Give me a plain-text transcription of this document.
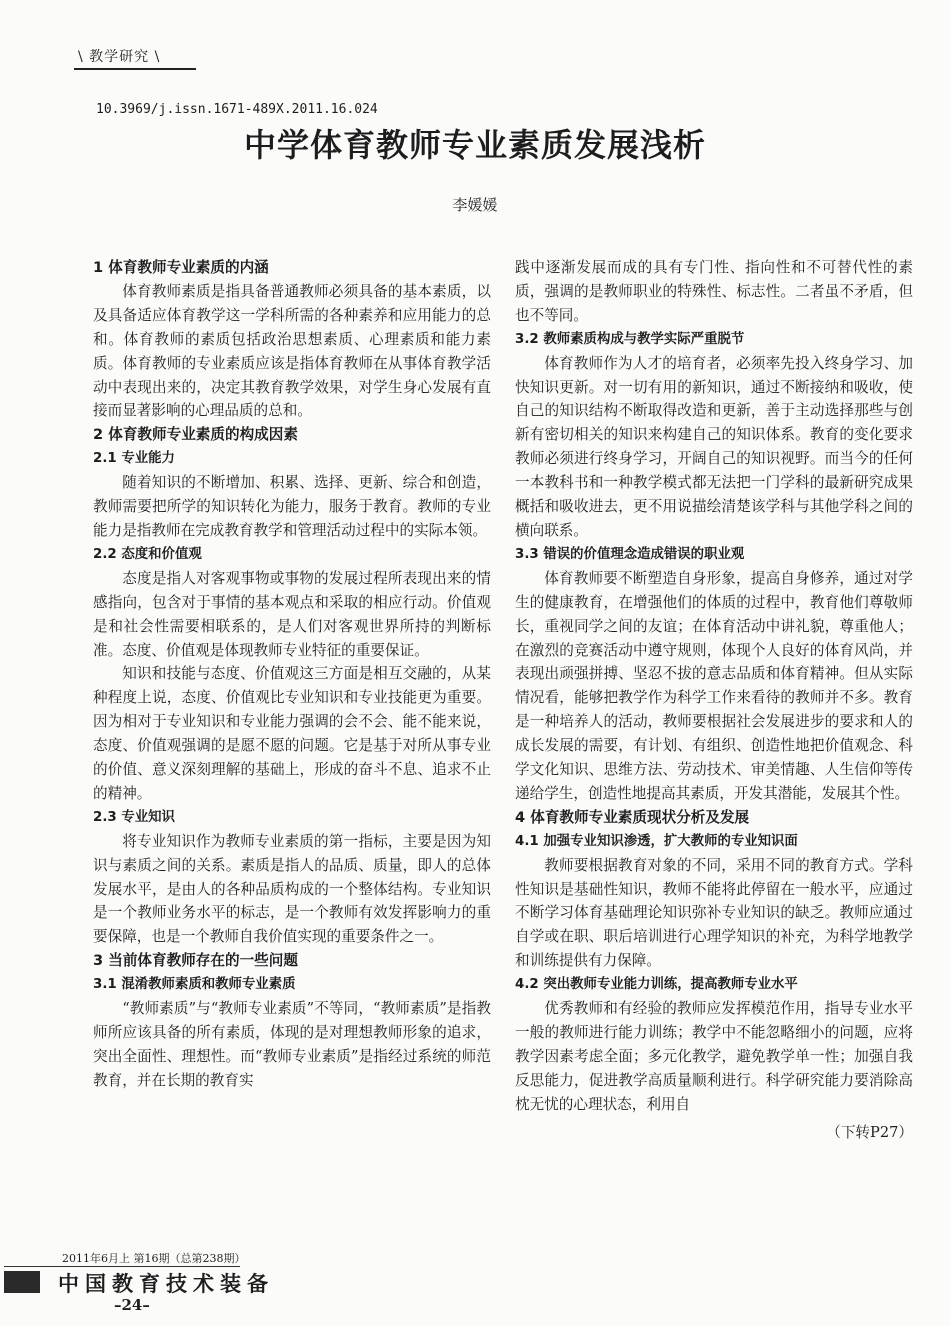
\ 教学研究 \
10.3969/j.issn.1671-489X.2011.16.024
中学体育教师专业素质发展浅析
李媛媛
1 体育教师专业素质的内涵

体育教师素质是指具备普通教师必须具备的基本素质，以及具备适应体育教学这一学科所需的各种素养和应用能力的总和。体育教师的素质包括政治思想素质、心理素质和能力素质。体育教师的专业素质应该是指体育教师在从事体育教学活动中表现出来的，决定其教育教学效果，对学生身心发展有直接而显著影响的心理品质的总和。

2 体育教师专业素质的构成因素
2.1 专业能力

随着知识的不断增加、积累、选择、更新、综合和创造，教师需要把所学的知识转化为能力，服务于教育。教师的专业能力是指教师在完成教育教学和管理活动过程中的实际本领。

2.2 态度和价值观

态度是指人对客观事物或事物的发展过程所表现出来的情感指向，包含对于事情的基本观点和采取的相应行动。价值观是和社会性需要相联系的，是人们对客观世界所持的判断标准。态度、价值观是体现教师专业特征的重要保证。

知识和技能与态度、价值观这三方面是相互交融的，从某种程度上说，态度、价值观比专业知识和专业技能更为重要。因为相对于专业知识和专业能力强调的会不会、能不能来说，态度、价值观强调的是愿不愿的问题。它是基于对所从事专业的价值、意义深刻理解的基础上，形成的奋斗不息、追求不止的精神。

2.3 专业知识

将专业知识作为教师专业素质的第一指标，主要是因为知识与素质之间的关系。素质是指人的品质、质量，即人的总体发展水平，是由人的各种品质构成的一个整体结构。专业知识是一个教师业务水平的标志，是一个教师有效发挥影响力的重要保障，也是一个教师自我价值实现的重要条件之一。

3 当前体育教师存在的一些问题
3.1 混淆教师素质和教师专业素质

“教师素质”与“教师专业素质”不等同，“教师素质”是指教师所应该具备的所有素质，体现的是对理想教师形象的追求，突出全面性、理想性。而“教师专业素质”是指经过系统的师范教育，并在长期的教育实

践中逐渐发展而成的具有专门性、指向性和不可替代性的素质，强调的是教师职业的特殊性、标志性。二者虽不矛盾，但也不等同。

3.2 教师素质构成与教学实际严重脱节

体育教师作为人才的培育者，必须率先投入终身学习、加快知识更新。对一切有用的新知识，通过不断接纳和吸收，使自己的知识结构不断取得改造和更新，善于主动选择那些与创新有密切相关的知识来构建自己的知识体系。教育的变化要求教师必须进行终身学习，开阔自己的知识视野。而当今的任何一本教科书和一种教学模式都无法把一门学科的最新研究成果概括和吸收进去，更不用说描绘清楚该学科与其他学科之间的横向联系。

3.3 错误的价值理念造成错误的职业观

体育教师要不断塑造自身形象，提高自身修养，通过对学生的健康教育，在增强他们的体质的过程中，教育他们尊敬师长，重视同学之间的友谊；在体育活动中讲礼貌，尊重他人；在激烈的竞赛活动中遵守规则，体现个人良好的体育风尚，并表现出顽强拼搏、坚忍不拔的意志品质和体育精神。但从实际情况看，能够把教学作为科学工作来看待的教师并不多。教育是一种培养人的活动，教师要根据社会发展进步的要求和人的成长发展的需要，有计划、有组织、创造性地把价值观念、科学文化知识、思维方法、劳动技术、审美情趣、人生信仰等传递给学生，创造性地提高其素质，开发其潜能，发展其个性。

4 体育教师专业素质现状分析及发展
4.1 加强专业知识渗透，扩大教师的专业知识面

教师要根据教育对象的不同，采用不同的教育方式。学科性知识是基础性知识，教师不能将此停留在一般水平，应通过不断学习体育基础理论知识弥补专业知识的缺乏。教师应通过自学或在职、职后培训进行心理学知识的补充，为科学地教学和训练提供有力保障。

4.2 突出教师专业能力训练，提高教师专业水平

优秀教师和有经验的教师应发挥模范作用，指导专业水平一般的教师进行能力训练；教学中不能忽略细小的问题，应将教学因素考虑全面；多元化教学，避免教学单一性；加强自我反思能力，促进教学高质量顺利进行。科学研究能力要消除高枕无忧的心理状态，利用自

（下转P27）

2011年6月上 第16期（总第238期）
中国教育技术装备
–24–
